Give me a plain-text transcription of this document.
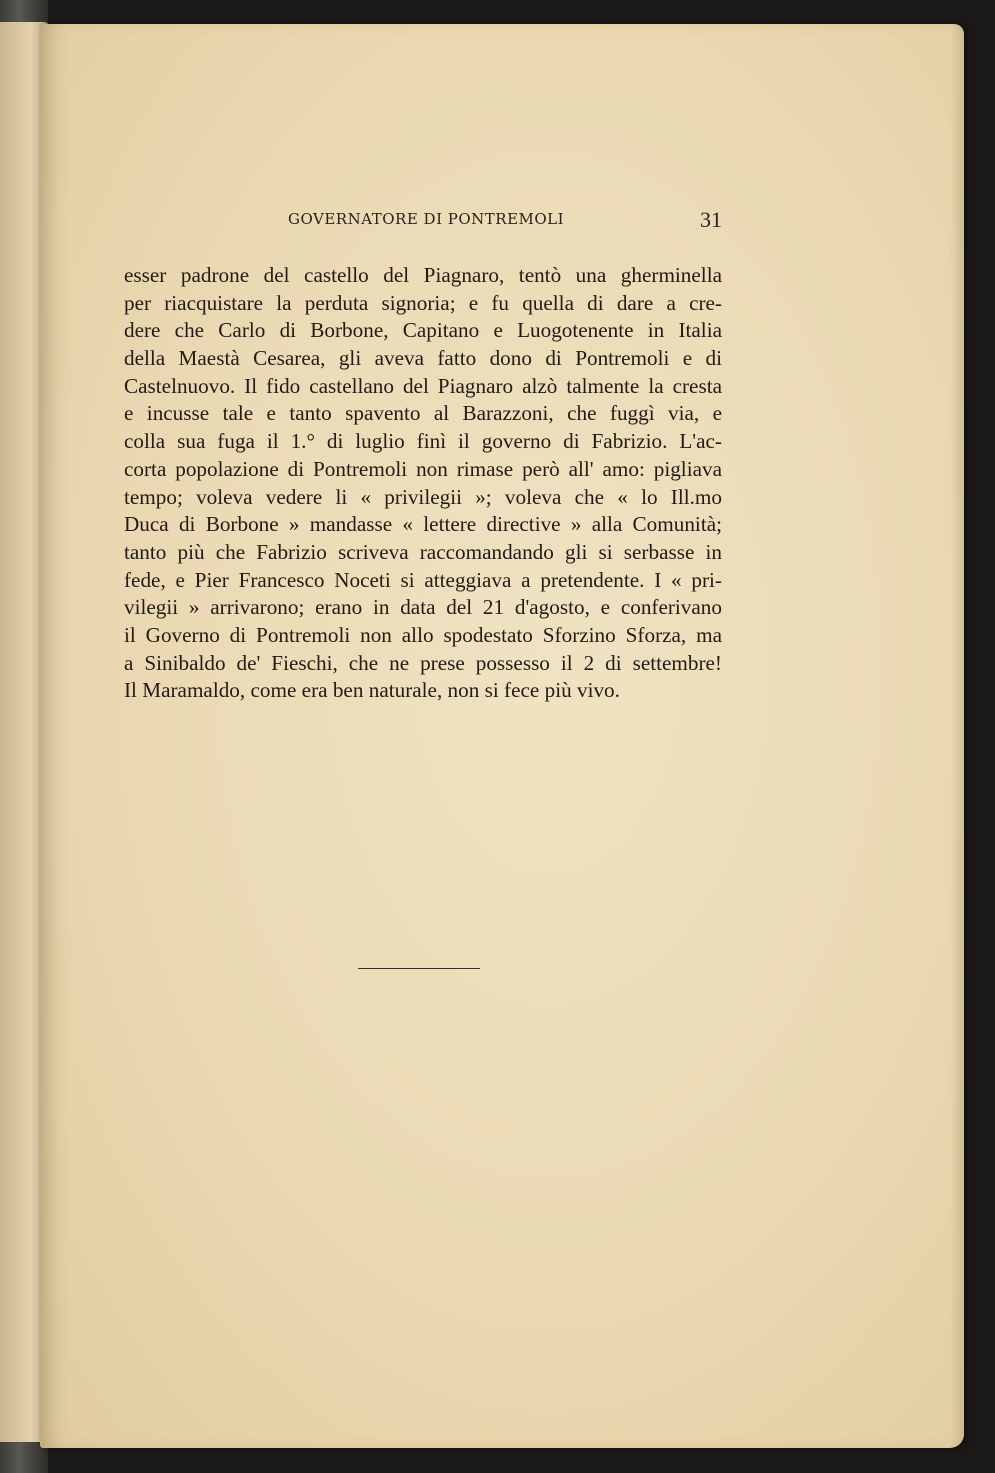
GOVERNATORE DI PONTREMOLI	31

esser padrone del castello del Piagnaro, tentò una gherminella
per riacquistare la perduta signoria; e fu quella di dare a cre-
dere che Carlo di Borbone, Capitano e Luogotenente in Italia
della Maestà Cesarea, gli aveva fatto dono di Pontremoli e di
Castelnuovo. Il fido castellano del Piagnaro alzò talmente la cresta
e incusse tale e tanto spavento al Barazzoni, che fuggì via, e
colla sua fuga il 1.° di luglio finì il governo di Fabrizio. L'ac-
corta popolazione di Pontremoli non rimase però all' amo: pigliava
tempo; voleva vedere li « privilegii »; voleva che « lo Ill.mo
Duca di Borbone » mandasse « lettere directive » alla Comunità;
tanto più che Fabrizio scriveva raccomandando gli si serbasse in
fede, e Pier Francesco Noceti si atteggiava a pretendente. I « pri-
vilegii » arrivarono; erano in data del 21 d'agosto, e conferivano
il Governo di Pontremoli non allo spodestato Sforzino Sforza, ma
a Sinibaldo de' Fieschi, che ne prese possesso il 2 di settembre!
Il Maramaldo, come era ben naturale, non si fece più vivo.
